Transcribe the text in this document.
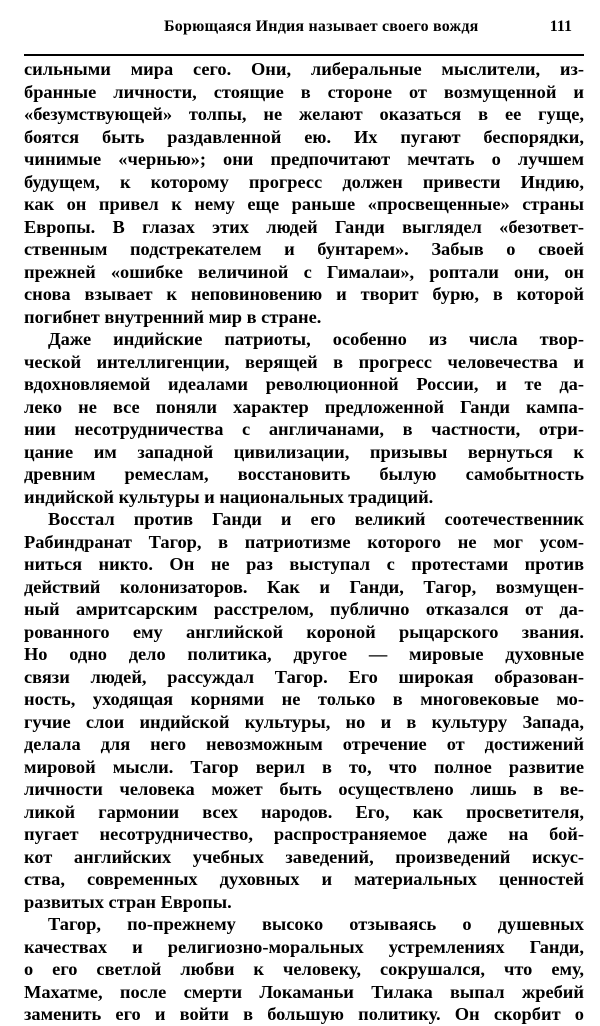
Борющаяся Индия называет своего вождя	111

сильными мира сего. Они, либеральные мыслители, из-
бранные личности, стоящие в стороне от возмущенной и
«безумствующей» толпы, не желают оказаться в ее гуще,
боятся быть раздавленной ею. Их пугают беспорядки,
чинимые «чернью»; они предпочитают мечтать о лучшем
будущем, к которому прогресс должен привести Индию,
как он привел к нему еще раньше «просвещенные» страны
Европы. В глазах этих людей Ганди выглядел «безответ-
ственным подстрекателем и бунтарем». Забыв о своей
прежней «ошибке величиной с Гималаи», роптали они, он
снова взывает к неповиновению и творит бурю, в которой
погибнет внутренний мир в стране.

Даже индийские патриоты, особенно из числа твор-
ческой интеллигенции, верящей в прогресс человечества и
вдохновляемой идеалами революционной России, и те да-
леко не все поняли характер предложенной Ганди кампа-
нии несотрудничества с англичанами, в частности, отри-
цание им западной цивилизации, призывы вернуться к
древним ремеслам, восстановить былую самобытность
индийской культуры и национальных традиций.

Восстал против Ганди и его великий соотечественник
Рабиндранат Тагор, в патриотизме которого не мог усом-
ниться никто. Он не раз выступал с протестами против
действий колонизаторов. Как и Ганди, Тагор, возмущен-
ный амритсарским расстрелом, публично отказался от да-
рованного ему английской короной рыцарского звания.
Но одно дело политика, другое — мировые духовные
связи людей, рассуждал Тагор. Его широкая образован-
ность, уходящая корнями не только в многовековые мо-
гучие слои индийской культуры, но и в культуру Запада,
делала для него невозможным отречение от достижений
мировой мысли. Тагор верил в то, что полное развитие
личности человека может быть осуществлено лишь в ве-
ликой гармонии всех народов. Его, как просветителя,
пугает несотрудничество, распространяемое даже на бой-
кот английских учебных заведений, произведений искус-
ства, современных духовных и материальных ценностей
развитых стран Европы.

Тагор, по-прежнему высоко отзываясь о душевных
качествах и религиозно-моральных устремлениях Ганди,
о его светлой любви к человеку, сокрушался, что ему,
Махатме, после смерти Локаманьи Тилака выпал жребий
заменить его и войти в большую политику. Он скорбит о
